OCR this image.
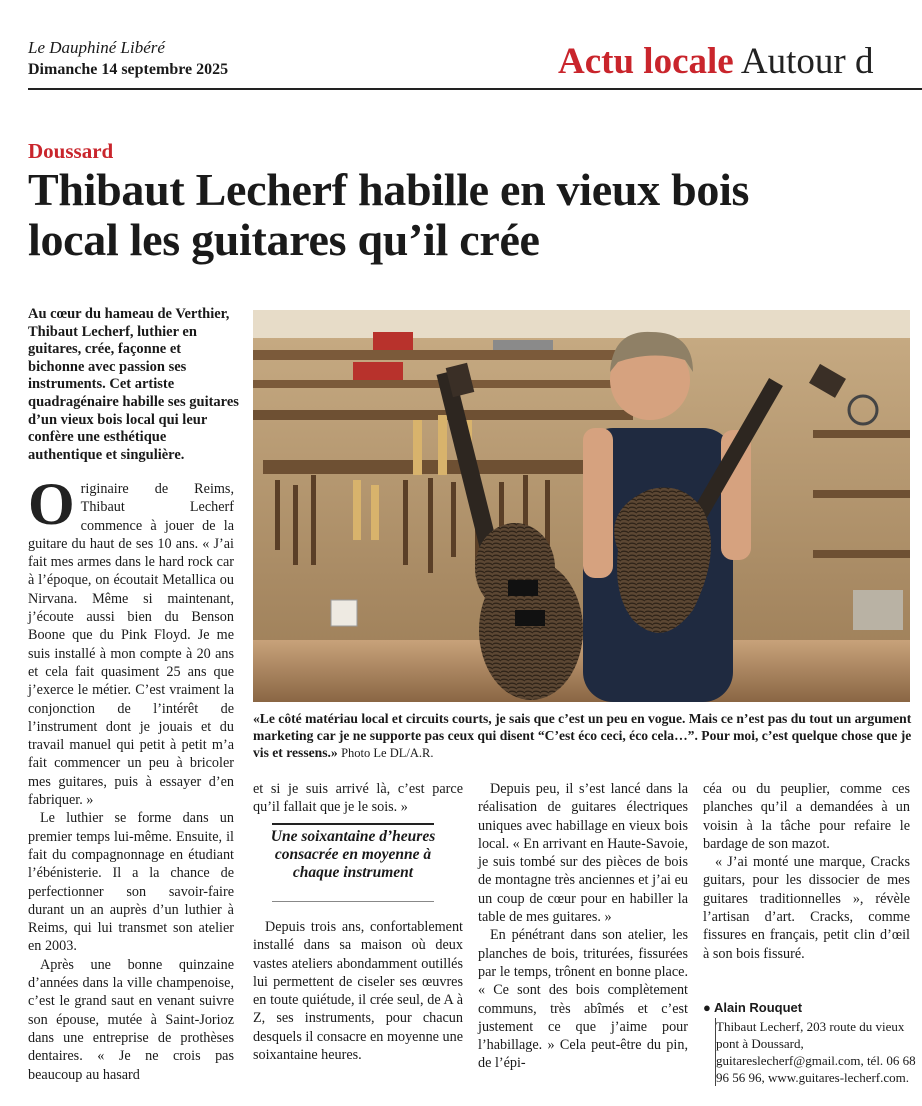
Le Dauphiné Libéré
Dimanche 14 septembre 2025	Actu locale Autour d
Doussard
Thibaut Lecherf habille en vieux bois
local les guitares qu’il crée
Au cœur du hameau de Verthier, Thibaut Lecherf, luthier en guitares, crée, façonne et bichonne avec passion ses instruments. Cet artiste quadragénaire habille ses guitares d’un vieux bois local qui leur confère une esthétique authentique et singulière.

Originaire de Reims, Thibaut Lecherf commence à jouer de la guitare du haut de ses 10 ans. « J’ai fait mes armes dans le hard rock car à l’époque, on écoutait Metallica ou Nirvana. Même si maintenant, j’écoute aussi bien du Benson Boone que du Pink Floyd. Je me suis installé à mon compte à 20 ans et cela fait quasiment 25 ans que j’exerce le métier. C’est vraiment la conjonction de l’intérêt de l’instrument dont je jouais et du travail manuel qui petit à petit m’a fait commencer un peu à bricoler mes guitares, puis à essayer d’en fabriquer. »

Le luthier se forme dans un premier temps lui-même. Ensuite, il fait du compagnonnage en étudiant l’ébénisterie. Il a la chance de perfectionner son savoir-faire durant un an auprès d’un luthier à Reims, qui lui transmet son atelier en 2003.

Après une bonne quinzaine d’années dans la ville champenoise, c’est le grand saut en venant suivre son épouse, mutée à Saint-Jorioz dans une entreprise de prothèses dentaires. « Je ne crois pas beaucoup au hasard

«Le côté matériau local et circuits courts, je sais que c’est un peu en vogue. Mais ce n’est pas du tout un argument marketing car je ne supporte pas ceux qui disent “C’est éco ceci, éco cela…”. Pour moi, c’est quelque chose que je vis et ressens.» Photo Le DL/A.R.

et si je suis arrivé là, c’est parce qu’il fallait que je le sois. »

Une soixantaine d’heures consacrée en moyenne à chaque instrument

Depuis trois ans, confortablement installé dans sa maison où deux vastes ateliers abondamment outillés lui permettent de ciseler ses œuvres en toute quiétude, il crée seul, de A à Z, ses instruments, pour chacun desquels il consacre en moyenne une soixantaine heures.

Depuis peu, il s’est lancé dans la réalisation de guitares électriques uniques avec habillage en vieux bois local. « En arrivant en Haute-Savoie, je suis tombé sur des pièces de bois de montagne très anciennes et j’ai eu un coup de cœur pour en habiller la table de mes guitares. »

En pénétrant dans son atelier, les planches de bois, triturées, fissurées par le temps, trônent en bonne place. « Ce sont des bois complètement communs, très abîmés et c’est justement ce que j’aime pour l’habillage. » Cela peut-être du pin, de l’épi-

céa ou du peuplier, comme ces planches qu’il a demandées à un voisin à la tâche pour refaire le bardage de son mazot.

« J’ai monté une marque, Cracks guitars, pour les dissocier de mes guitares traditionnelles », révèle l’artisan d’art. Cracks, comme fissures en français, petit clin d’œil à son bois fissuré.

● Alain Rouquet
Thibaut Lecherf, 203 route du vieux pont à Doussard, guitareslecherf@gmail.com, tél. 06 68 96 56 96, www.guitares-lecherf.com.
